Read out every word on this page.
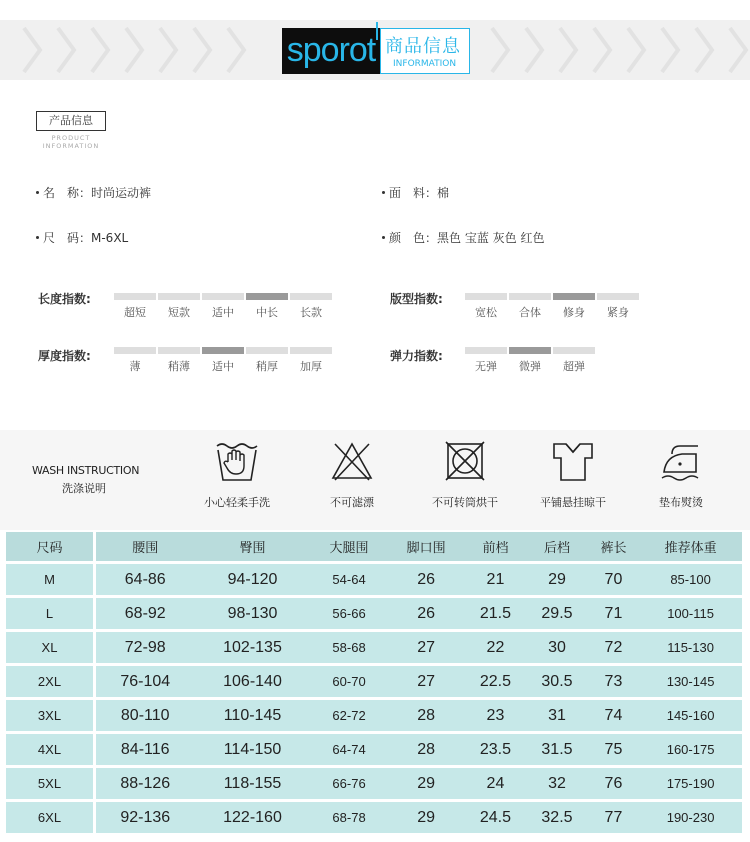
sporot 商品信息
INFORMATION
产品信息
PRODUCT
INFORMATION
名　称：时尚运动裤	面　料：棉
尺　码：M-6XL	颜　色：黑色 宝蓝 灰色 红色
长度指数:
超短	短款	适中	中长	长款
版型指数:
宽松	合体	修身	紧身
厚度指数:
薄	稍薄	适中	稍厚	加厚
弹力指数:
无弹	微弹	超弹
WASH INSTRUCTION
洗涤说明
小心轻柔手洗	不可滤漂	不可转筒烘干	平铺悬挂晾干	垫布熨烫
尺码	腰围	臀围	大腿围	脚口围	前档	后档	裤长	推荐体重
M	64-86	94-120	54-64	26	21	29	70	85-100
L	68-92	98-130	56-66	26	21.5	29.5	71	100-115
XL	72-98	102-135	58-68	27	22	30	72	115-130
2XL	76-104	106-140	60-70	27	22.5	30.5	73	130-145
3XL	80-110	110-145	62-72	28	23	31	74	145-160
4XL	84-116	114-150	64-74	28	23.5	31.5	75	160-175
5XL	88-126	118-155	66-76	29	24	32	76	175-190
6XL	92-136	122-160	68-78	29	24.5	32.5	77	190-230
